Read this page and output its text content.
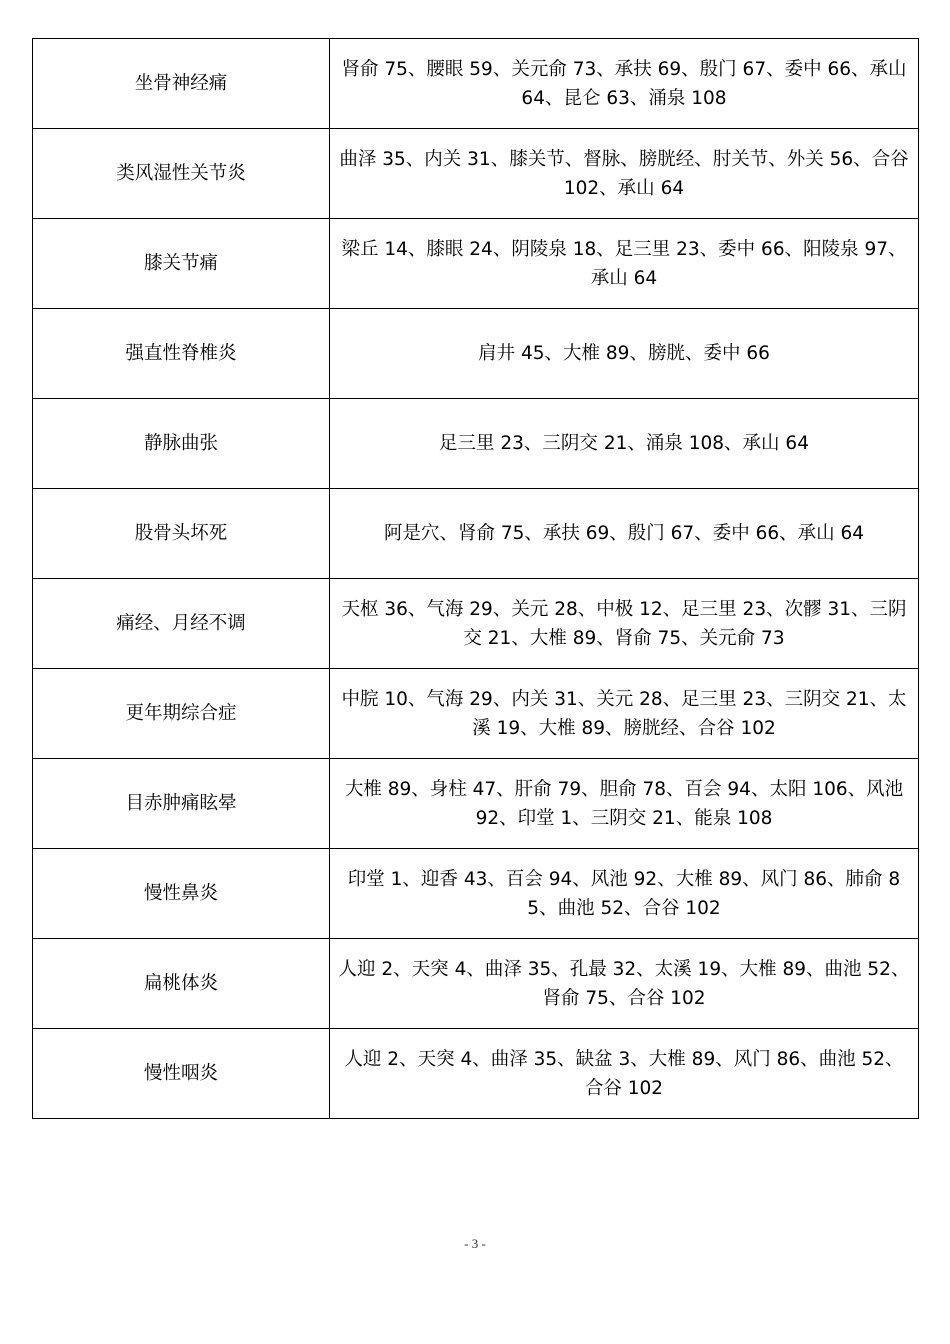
坐骨神经痛	肾俞 75、腰眼 59、关元俞 73、承扶 69、殷门 67、委中 66、承山 64、昆仑 63、涌泉 108
类风湿性关节炎	曲泽 35、内关 31、膝关节、督脉、膀胱经、肘关节、外关 56、合谷 102、承山 64
膝关节痛	梁丘 14、膝眼 24、阴陵泉 18、足三里 23、委中 66、阳陵泉 97、承山 64
强直性脊椎炎	肩井 45、大椎 89、膀胱、委中 66
静脉曲张	足三里 23、三阴交 21、涌泉 108、承山 64
股骨头坏死	阿是穴、肾俞 75、承扶 69、殷门 67、委中 66、承山 64
痛经、月经不调	天枢 36、气海 29、关元 28、中极 12、足三里 23、次髎 31、三阴交 21、大椎 89、肾俞 75、关元俞 73
更年期综合症	中脘 10、气海 29、内关 31、关元 28、足三里 23、三阴交 21、太溪 19、大椎 89、膀胱经、合谷 102
目赤肿痛眩晕	大椎 89、身柱 47、肝俞 79、胆俞 78、百会 94、太阳 106、风池 92、印堂 1、三阴交 21、能泉 108
慢性鼻炎	印堂 1、迎香 43、百会 94、风池 92、大椎 89、风门 86、肺俞 85、曲池 52、合谷 102
扁桃体炎	人迎 2、天突 4、曲泽 35、孔最 32、太溪 19、大椎 89、曲池 52、肾俞 75、合谷 102
慢性咽炎	人迎 2、天突 4、曲泽 35、缺盆 3、大椎 89、风门 86、曲池 52、合谷 102
- 3 -
